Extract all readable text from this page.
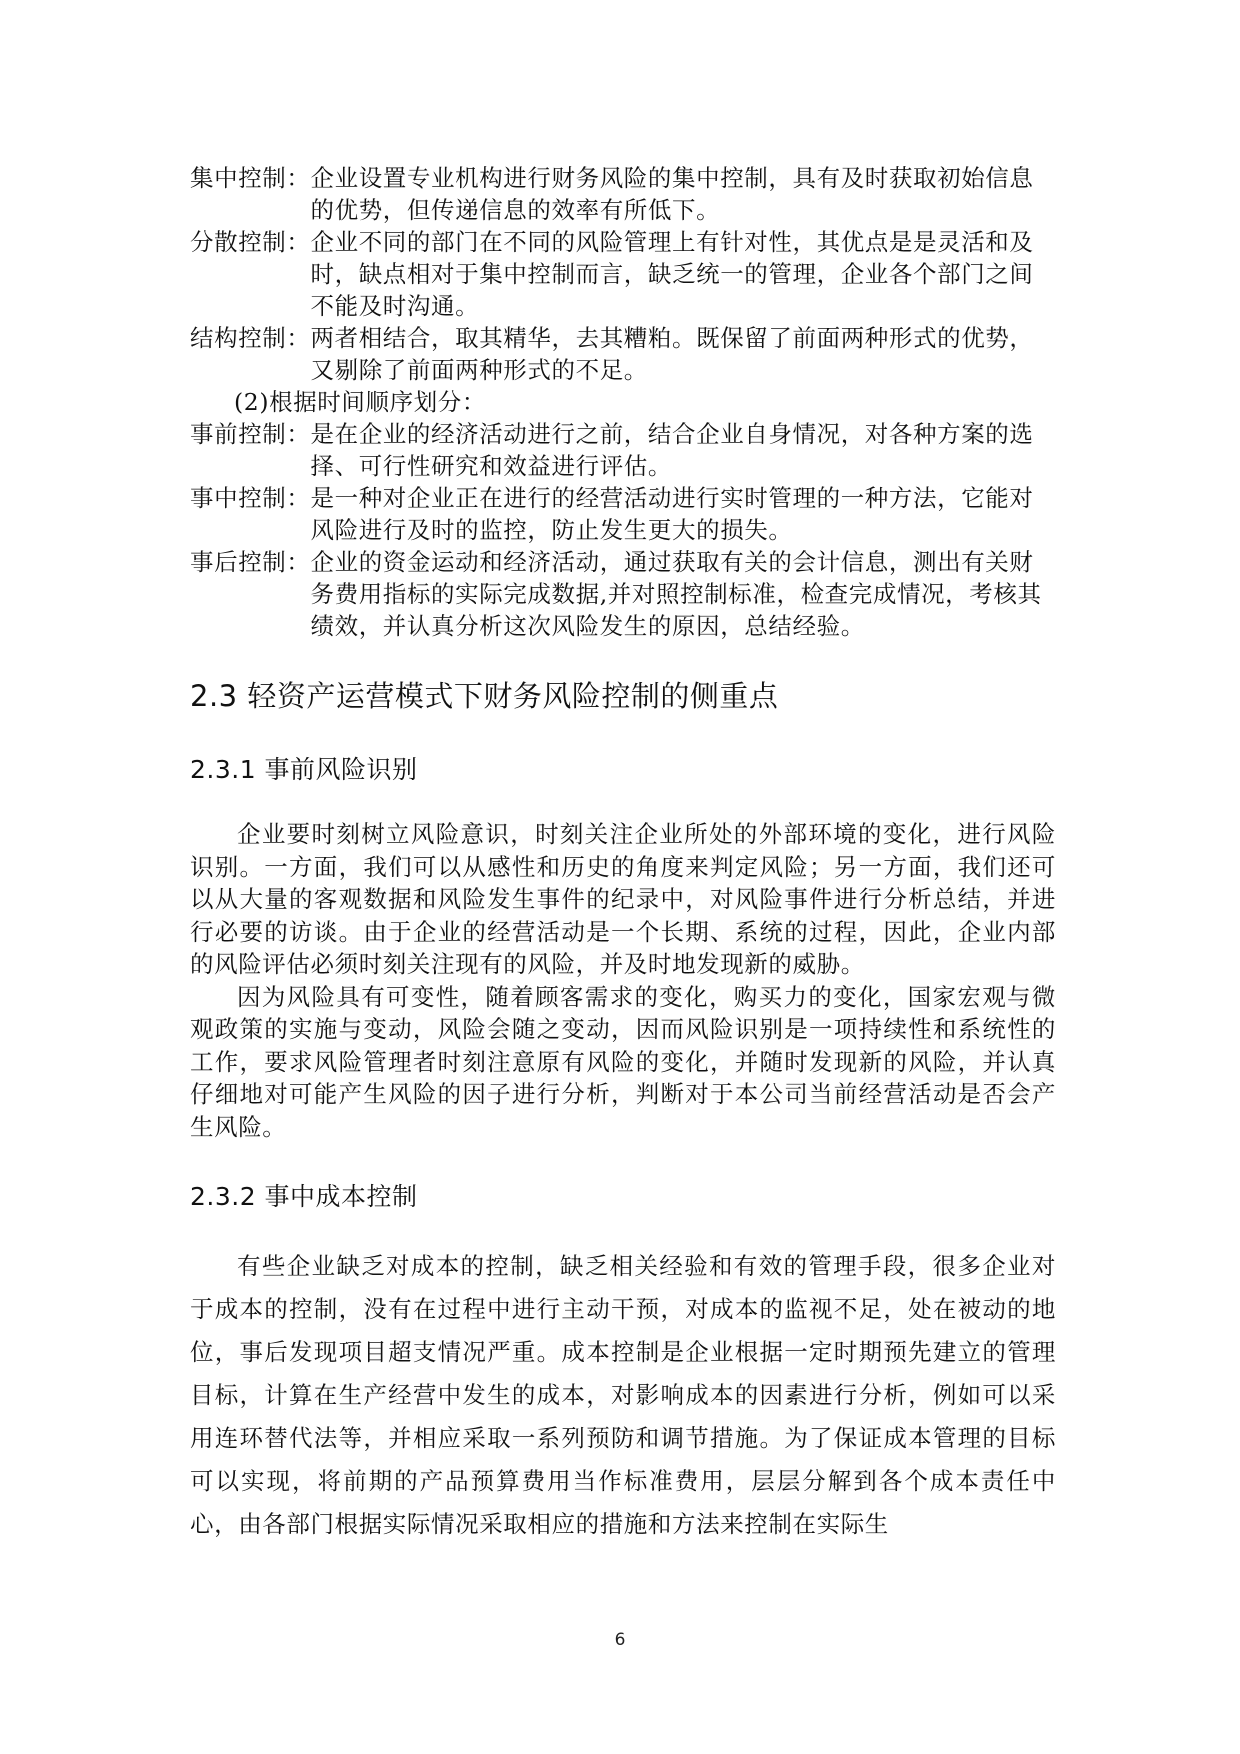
集中控制： 企业设置专业机构进行财务风险的集中控制，具有及时获取初始信息的优势，但传递信息的效率有所低下。
分散控制： 企业不同的部门在不同的风险管理上有针对性，其优点是是灵活和及时，缺点相对于集中控制而言，缺乏统一的管理，企业各个部门之间不能及时沟通。
结构控制： 两者相结合，取其精华，去其糟粕。既保留了前面两种形式的优势，又剔除了前面两种形式的不足。
(2)根据时间顺序划分：
事前控制： 是在企业的经济活动进行之前，结合企业自身情况，对各种方案的选择、可行性研究和效益进行评估。
事中控制： 是一种对企业正在进行的经营活动进行实时管理的一种方法，它能对风险进行及时的监控，防止发生更大的损失。
事后控制： 企业的资金运动和经济活动，通过获取有关的会计信息，测出有关财务费用指标的实际完成数据,并对照控制标准，检查完成情况，考核其绩效，并认真分析这次风险发生的原因，总结经验。
2.3 轻资产运营模式下财务风险控制的侧重点
2.3.1 事前风险识别

企业要时刻树立风险意识，时刻关注企业所处的外部环境的变化，进行风险识别。一方面，我们可以从感性和历史的角度来判定风险；另一方面，我们还可以从大量的客观数据和风险发生事件的纪录中，对风险事件进行分析总结，并进行必要的访谈。由于企业的经营活动是一个长期、系统的过程，因此，企业内部的风险评估必须时刻关注现有的风险，并及时地发现新的威胁。

因为风险具有可变性，随着顾客需求的变化，购买力的变化，国家宏观与微观政策的实施与变动，风险会随之变动，因而风险识别是一项持续性和系统性的工作，要求风险管理者时刻注意原有风险的变化，并随时发现新的风险，并认真仔细地对可能产生风险的因子进行分析，判断对于本公司当前经营活动是否会产生风险。

2.3.2 事中成本控制

有些企业缺乏对成本的控制，缺乏相关经验和有效的管理手段，很多企业对于成本的控制，没有在过程中进行主动干预，对成本的监视不足，处在被动的地位，事后发现项目超支情况严重。成本控制是企业根据一定时期预先建立的管理目标，计算在生产经营中发生的成本，对影响成本的因素进行分析，例如可以采用连环替代法等，并相应采取一系列预防和调节措施。为了保证成本管理的目标可以实现，将前期的产品预算费用当作标准费用，层层分解到各个成本责任中心，由各部门根据实际情况采取相应的措施和方法来控制在实际生

6
